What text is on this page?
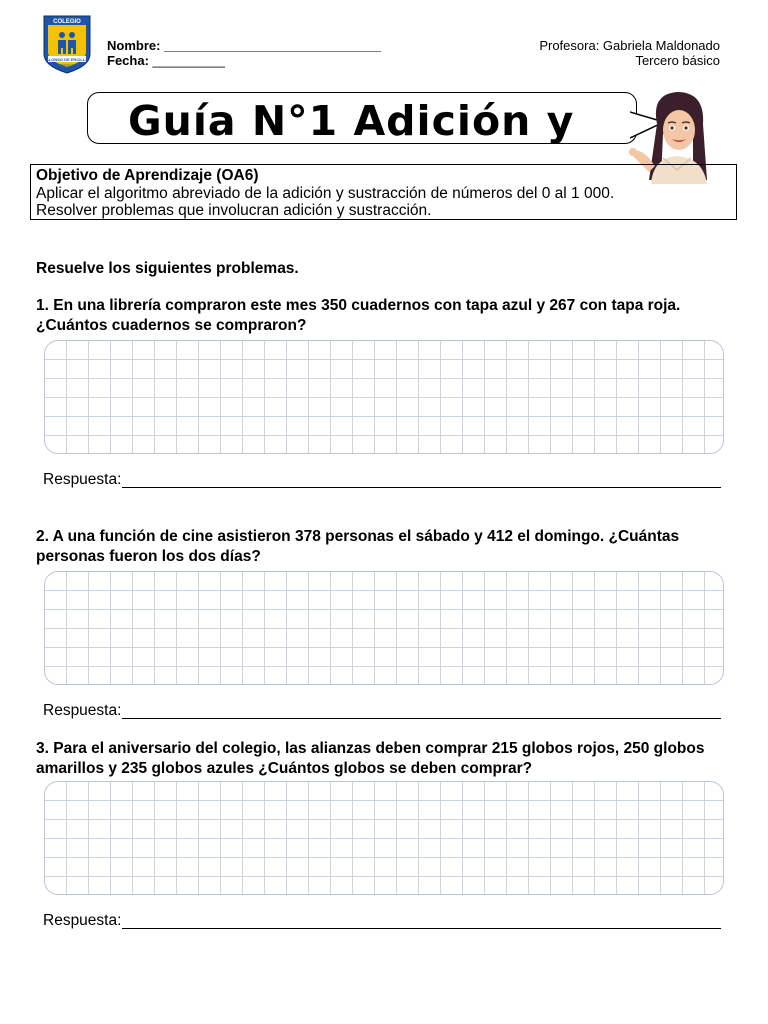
COLEGIO
ALONSO DE ERCILLA
TEMUCO
Nombre: ______________________________
Fecha: __________
Profesora: Gabriela Maldonado
Tercero básico
Guía N°1 Adición y
Objetivo de Aprendizaje (OA6)
Aplicar el algoritmo abreviado de la adición y sustracción de números del 0 al 1 000.
Resolver problemas que involucran adición y sustracción.
Resuelve los siguientes problemas.
1. En una librería compraron este mes 350 cuadernos con tapa azul y 267 con tapa roja. ¿Cuántos cuadernos se compraron?
Respuesta:
2. A una función de cine asistieron 378 personas el sábado y 412 el domingo. ¿Cuántas personas fueron los dos días?
Respuesta:
3. Para el aniversario del colegio, las alianzas deben comprar 215 globos rojos, 250 globos amarillos y 235 globos azules ¿Cuántos globos se deben comprar?
Respuesta:
